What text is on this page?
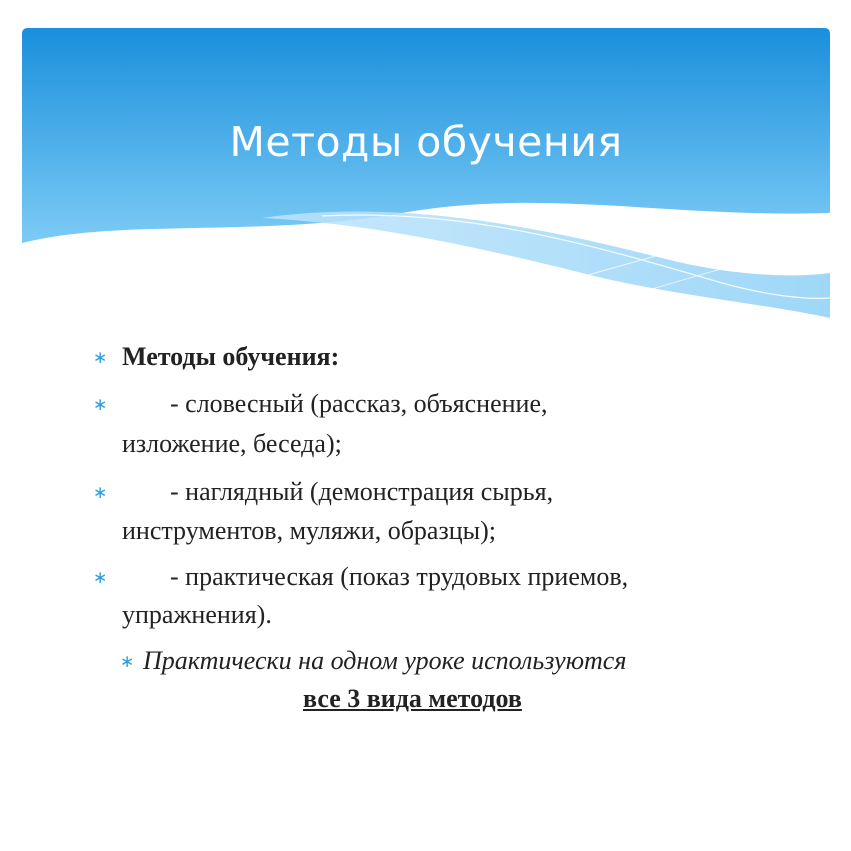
Методы обучения
∗ Методы обучения:
∗ - словесный (рассказ, объяснение,
изложение, беседа);
∗ - наглядный (демонстрация сырья,
инструментов, муляжи, образцы);
∗ - практическая (показ трудовых приемов,
упражнения).
∗ Практически на одном уроке используются
все 3 вида методов
